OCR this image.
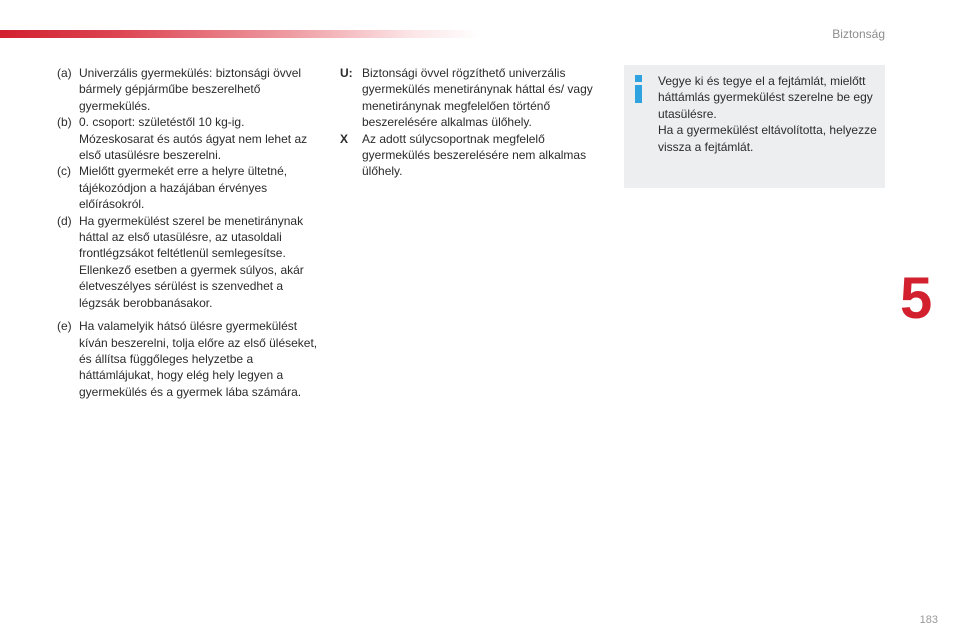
Biztonság
(a) Univerzális gyermekülés: biztonsági övvel bármely gépjárműbe beszerelhető gyermekülés.
(b) 0. csoport: születéstől 10 kg-ig. Mózeskosarat és autós ágyat nem lehet az első utasülésre beszerelni.
(c) Mielőtt gyermekét erre a helyre ültetné, tájékozódjon a hazájában érvényes előírásokról.
(d) Ha gyermekülést szerel be menetiránynak háttal az első utasülésre, az utasoldali frontlégzsákot feltétlenül semlegesítse. Ellenkező esetben a gyermek súlyos, akár életveszélyes sérülést is szenvedhet a légzsák berobbanásakor.
(e) Ha valamelyik hátsó ülésre gyermekülést kíván beszerelni, tolja előre az első üléseket, és állítsa függőleges helyzetbe a háttámlájukat, hogy elég hely legyen a gyermekülés és a gyermek lába számára.
U: Biztonsági övvel rögzíthető univerzális gyermekülés menetiránynak háttal és/ vagy menetiránynak megfelelően történő beszerelésére alkalmas ülőhely.
X	Az adott súlycsoportnak megfelelő gyermekülés beszerelésére nem alkalmas ülőhely.
Vegye ki és tegye el a fejtámlát, mielőtt háttámlás gyermekülést szerelne be egy utasülésre.
Ha a gyermekülést eltávolította, helyezze vissza a fejtámlát.
5
183
